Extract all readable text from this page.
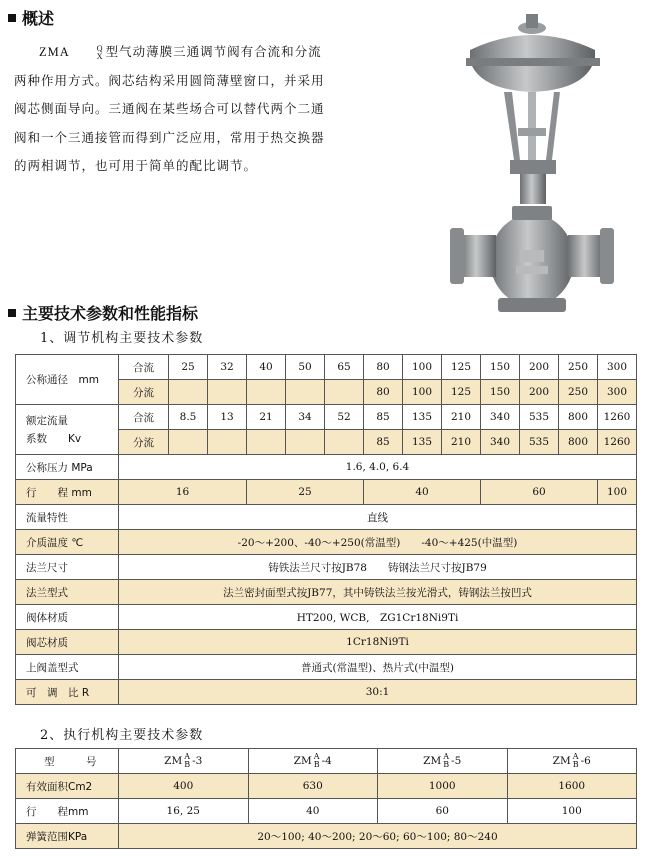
概述

ZMA	Q
X 型气动薄膜三通调节阀有合流和分流两种作用方式。阀芯结构采用圆筒薄壁窗口，并采用阀芯侧面导向。三通阀在某些场合可以替代两个二通阀和一个三通接管而得到广泛应用，常用于热交换器的两相调节，也可用于简单的配比调节。

主要技术参数和性能指标
1、调节机构主要技术参数
公称通径　mm	合流	25	32	40	50	65	80	100	125	150	200	250	300
	分流						80	100	125	150	200	250	300
额定流量
系数　　Kv	合流	8.5	13	21	34	52	85	135	210	340	535	800	1260
	分流						85	135	210	340	535	800	1260
公称压力 MPa	1.6, 4.0, 6.4												
行　　程 mm	16			25			40			60			100
流量特性	直线												
介质温度 ℃	-20～+200、-40～+250(常温型)　　-40～+425(中温型)												
法兰尺寸	铸铁法兰尺寸按JB78　　铸钢法兰尺寸按JB79												
法兰型式	法兰密封面型式按JB77，其中铸铁法兰按光滑式，铸钢法兰按凹式												
阀体材质	HT200, WCB,　ZG1Cr18Ni9Ti												
阀芯材质	1Cr18Ni9Ti												
上阀盖型式	普通式(常温型)、热片式(中温型)												
可　调　比 R	30:1												
2、执行机构主要技术参数
型　　　号	ZM A
B -3	ZM A
B -4	ZM A
B -5	ZM A
B -6
有效面积Cm2	400	630	1000	1600
行　　程mm	16, 25	40	60	100
弹簧范围KPa	20～100; 40～200; 20～60; 60～100; 80～240			
